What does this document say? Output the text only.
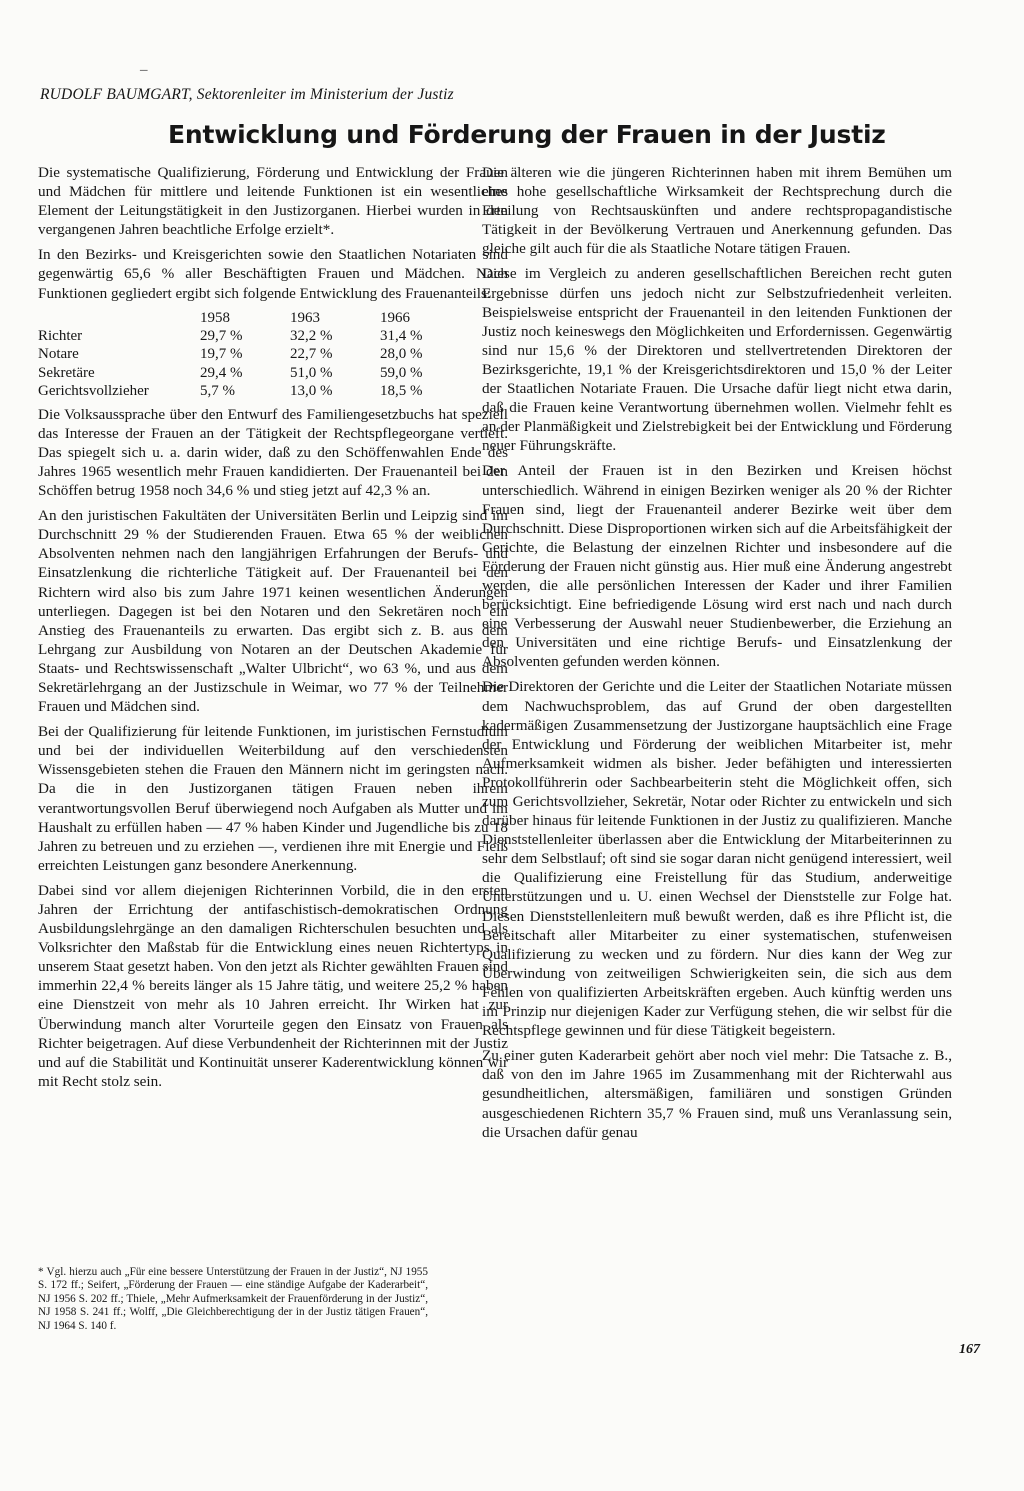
–
RUDOLF BAUMGART, Sektorenleiter im Ministerium der Justiz
Entwicklung und Förderung der Frauen in der Justiz

Die systematische Qualifizierung, Förderung und Entwicklung der Frauen und Mädchen für mittlere und leitende Funktionen ist ein wesentliches Element der Leitungstätigkeit in den Justizorganen. Hierbei wurden in den vergangenen Jahren beachtliche Erfolge erzielt*.

In den Bezirks- und Kreisgerichten sowie den Staatlichen Notariaten sind gegenwärtig 65,6 % aller Beschäftigten Frauen und Mädchen. Nach Funktionen gegliedert ergibt sich folgende Entwicklung des Frauenanteils:

	1958	1963	1966
Richter	29,7 %	32,2 %	31,4 %
Notare	19,7 %	22,7 %	28,0 %
Sekretäre	29,4 %	51,0 %	59,0 %
Gerichtsvollzieher	5,7 %	13,0 %	18,5 %

Die Volksaussprache über den Entwurf des Familiengesetzbuchs hat speziell das Interesse der Frauen an der Tätigkeit der Rechtspflegeorgane vertieft. Das spiegelt sich u. a. darin wider, daß zu den Schöffenwahlen Ende des Jahres 1965 wesentlich mehr Frauen kandidierten. Der Frauenanteil bei den Schöffen betrug 1958 noch 34,6 % und stieg jetzt auf 42,3 % an.

An den juristischen Fakultäten der Universitäten Berlin und Leipzig sind im Durchschnitt 29 % der Studierenden Frauen. Etwa 65 % der weiblichen Absolventen nehmen nach den langjährigen Erfahrungen der Berufs- und Einsatzlenkung die richterliche Tätigkeit auf. Der Frauenanteil bei den Richtern wird also bis zum Jahre 1971 keinen wesentlichen Änderungen unterliegen. Dagegen ist bei den Notaren und den Sekretären noch ein Anstieg des Frauenanteils zu erwarten. Das ergibt sich z. B. aus dem Lehrgang zur Ausbildung von Notaren an der Deutschen Akademie für Staats- und Rechtswissenschaft „Walter Ulbricht“, wo 63 %, und aus dem Sekretärlehrgang an der Justizschule in Weimar, wo 77 % der Teilnehmer Frauen und Mädchen sind.

Bei der Qualifizierung für leitende Funktionen, im juristischen Fernstudium und bei der individuellen Weiterbildung auf den verschiedensten Wissensgebieten stehen die Frauen den Männern nicht im geringsten nach. Da die in den Justizorganen tätigen Frauen neben ihrem verantwortungsvollen Beruf überwiegend noch Aufgaben als Mutter und im Haushalt zu erfüllen haben — 47 % haben Kinder und Jugendliche bis zu 18 Jahren zu betreuen und zu erziehen —, verdienen ihre mit Energie und Fleiß erreichten Leistungen ganz besondere Anerkennung.

Dabei sind vor allem diejenigen Richterinnen Vorbild, die in den ersten Jahren der Errichtung der antifaschistisch-demokratischen Ordnung Ausbildungslehrgänge an den damaligen Richterschulen besuchten und als Volksrichter den Maßstab für die Entwicklung eines neuen Richtertyps in unserem Staat gesetzt haben. Von den jetzt als Richter gewählten Frauen sind immerhin 22,4 % bereits länger als 15 Jahre tätig, und weitere 25,2 % haben eine Dienstzeit von mehr als 10 Jahren erreicht. Ihr Wirken hat zur Überwindung manch alter Vorurteile gegen den Einsatz von Frauen als Richter beigetragen. Auf diese Verbundenheit der Richterinnen mit der Justiz und auf die Stabilität und Kontinuität unserer Kaderentwicklung können wir mit Recht stolz sein.

* Vgl. hierzu auch „Für eine bessere Unterstützung der Frauen in der Justiz“, NJ 1955 S. 172 ff.; Seifert, „Förderung der Frauen — eine ständige Aufgabe der Kaderarbeit“, NJ 1956 S. 202 ff.; Thiele, „Mehr Aufmerksamkeit der Frauenförderung in der Justiz“, NJ 1958 S. 241 ff.; Wolff, „Die Gleichberechtigung der in der Justiz tätigen Frauen“, NJ 1964 S. 140 f.

Die älteren wie die jüngeren Richterinnen haben mit ihrem Bemühen um eine hohe gesellschaftliche Wirksamkeit der Rechtsprechung durch die Erteilung von Rechtsauskünften und andere rechtspropagandistische Tätigkeit in der Bevölkerung Vertrauen und Anerkennung gefunden. Das gleiche gilt auch für die als Staatliche Notare tätigen Frauen.

Diese im Vergleich zu anderen gesellschaftlichen Bereichen recht guten Ergebnisse dürfen uns jedoch nicht zur Selbstzufriedenheit verleiten. Beispielsweise entspricht der Frauenanteil in den leitenden Funktionen der Justiz noch keineswegs den Möglichkeiten und Erfordernissen. Gegenwärtig sind nur 15,6 % der Direktoren und stellvertretenden Direktoren der Bezirksgerichte, 19,1 % der Kreisgerichtsdirektoren und 15,0 % der Leiter der Staatlichen Notariate Frauen. Die Ursache dafür liegt nicht etwa darin, daß die Frauen keine Verantwortung übernehmen wollen. Vielmehr fehlt es an der Planmäßigkeit und Zielstrebigkeit bei der Entwicklung und Förderung neuer Führungskräfte.

Der Anteil der Frauen ist in den Bezirken und Kreisen höchst unterschiedlich. Während in einigen Bezirken weniger als 20 % der Richter Frauen sind, liegt der Frauenanteil anderer Bezirke weit über dem Durchschnitt. Diese Disproportionen wirken sich auf die Arbeitsfähigkeit der Gerichte, die Belastung der einzelnen Richter und insbesondere auf die Förderung der Frauen nicht günstig aus. Hier muß eine Änderung angestrebt werden, die alle persönlichen Interessen der Kader und ihrer Familien berücksichtigt. Eine befriedigende Lösung wird erst nach und nach durch eine Verbesserung der Auswahl neuer Studienbewerber, die Erziehung an den Universitäten und eine richtige Berufs- und Einsatzlenkung der Absolventen gefunden werden können.

Die Direktoren der Gerichte und die Leiter der Staatlichen Notariate müssen dem Nachwuchsproblem, das auf Grund der oben dargestellten kadermäßigen Zusammensetzung der Justizorgane hauptsächlich eine Frage der Entwicklung und Förderung der weiblichen Mitarbeiter ist, mehr Aufmerksamkeit widmen als bisher. Jeder befähigten und interessierten Protokollführerin oder Sachbearbeiterin steht die Möglichkeit offen, sich zum Gerichtsvollzieher, Sekretär, Notar oder Richter zu entwickeln und sich darüber hinaus für leitende Funktionen in der Justiz zu qualifizieren. Manche Dienststellenleiter überlassen aber die Entwicklung der Mitarbeiterinnen zu sehr dem Selbstlauf; oft sind sie sogar daran nicht genügend interessiert, weil die Qualifizierung eine Freistellung für das Studium, anderweitige Unterstützungen und u. U. einen Wechsel der Dienststelle zur Folge hat. Diesen Dienststellenleitern muß bewußt werden, daß es ihre Pflicht ist, die Bereitschaft aller Mitarbeiter zu einer systematischen, stufenweisen Qualifizierung zu wecken und zu fördern. Nur dies kann der Weg zur Überwindung von zeitweiligen Schwierigkeiten sein, die sich aus dem Fehlen von qualifizierten Arbeitskräften ergeben. Auch künftig werden uns im Prinzip nur diejenigen Kader zur Verfügung stehen, die wir selbst für die Rechtspflege gewinnen und für diese Tätigkeit begeistern.

Zu einer guten Kaderarbeit gehört aber noch viel mehr: Die Tatsache z. B., daß von den im Jahre 1965 im Zusammenhang mit der Richterwahl aus gesundheitlichen, altersmäßigen, familiären und sonstigen Gründen ausgeschiedenen Richtern 35,7 % Frauen sind, muß uns Veranlassung sein, die Ursachen dafür genau

167
